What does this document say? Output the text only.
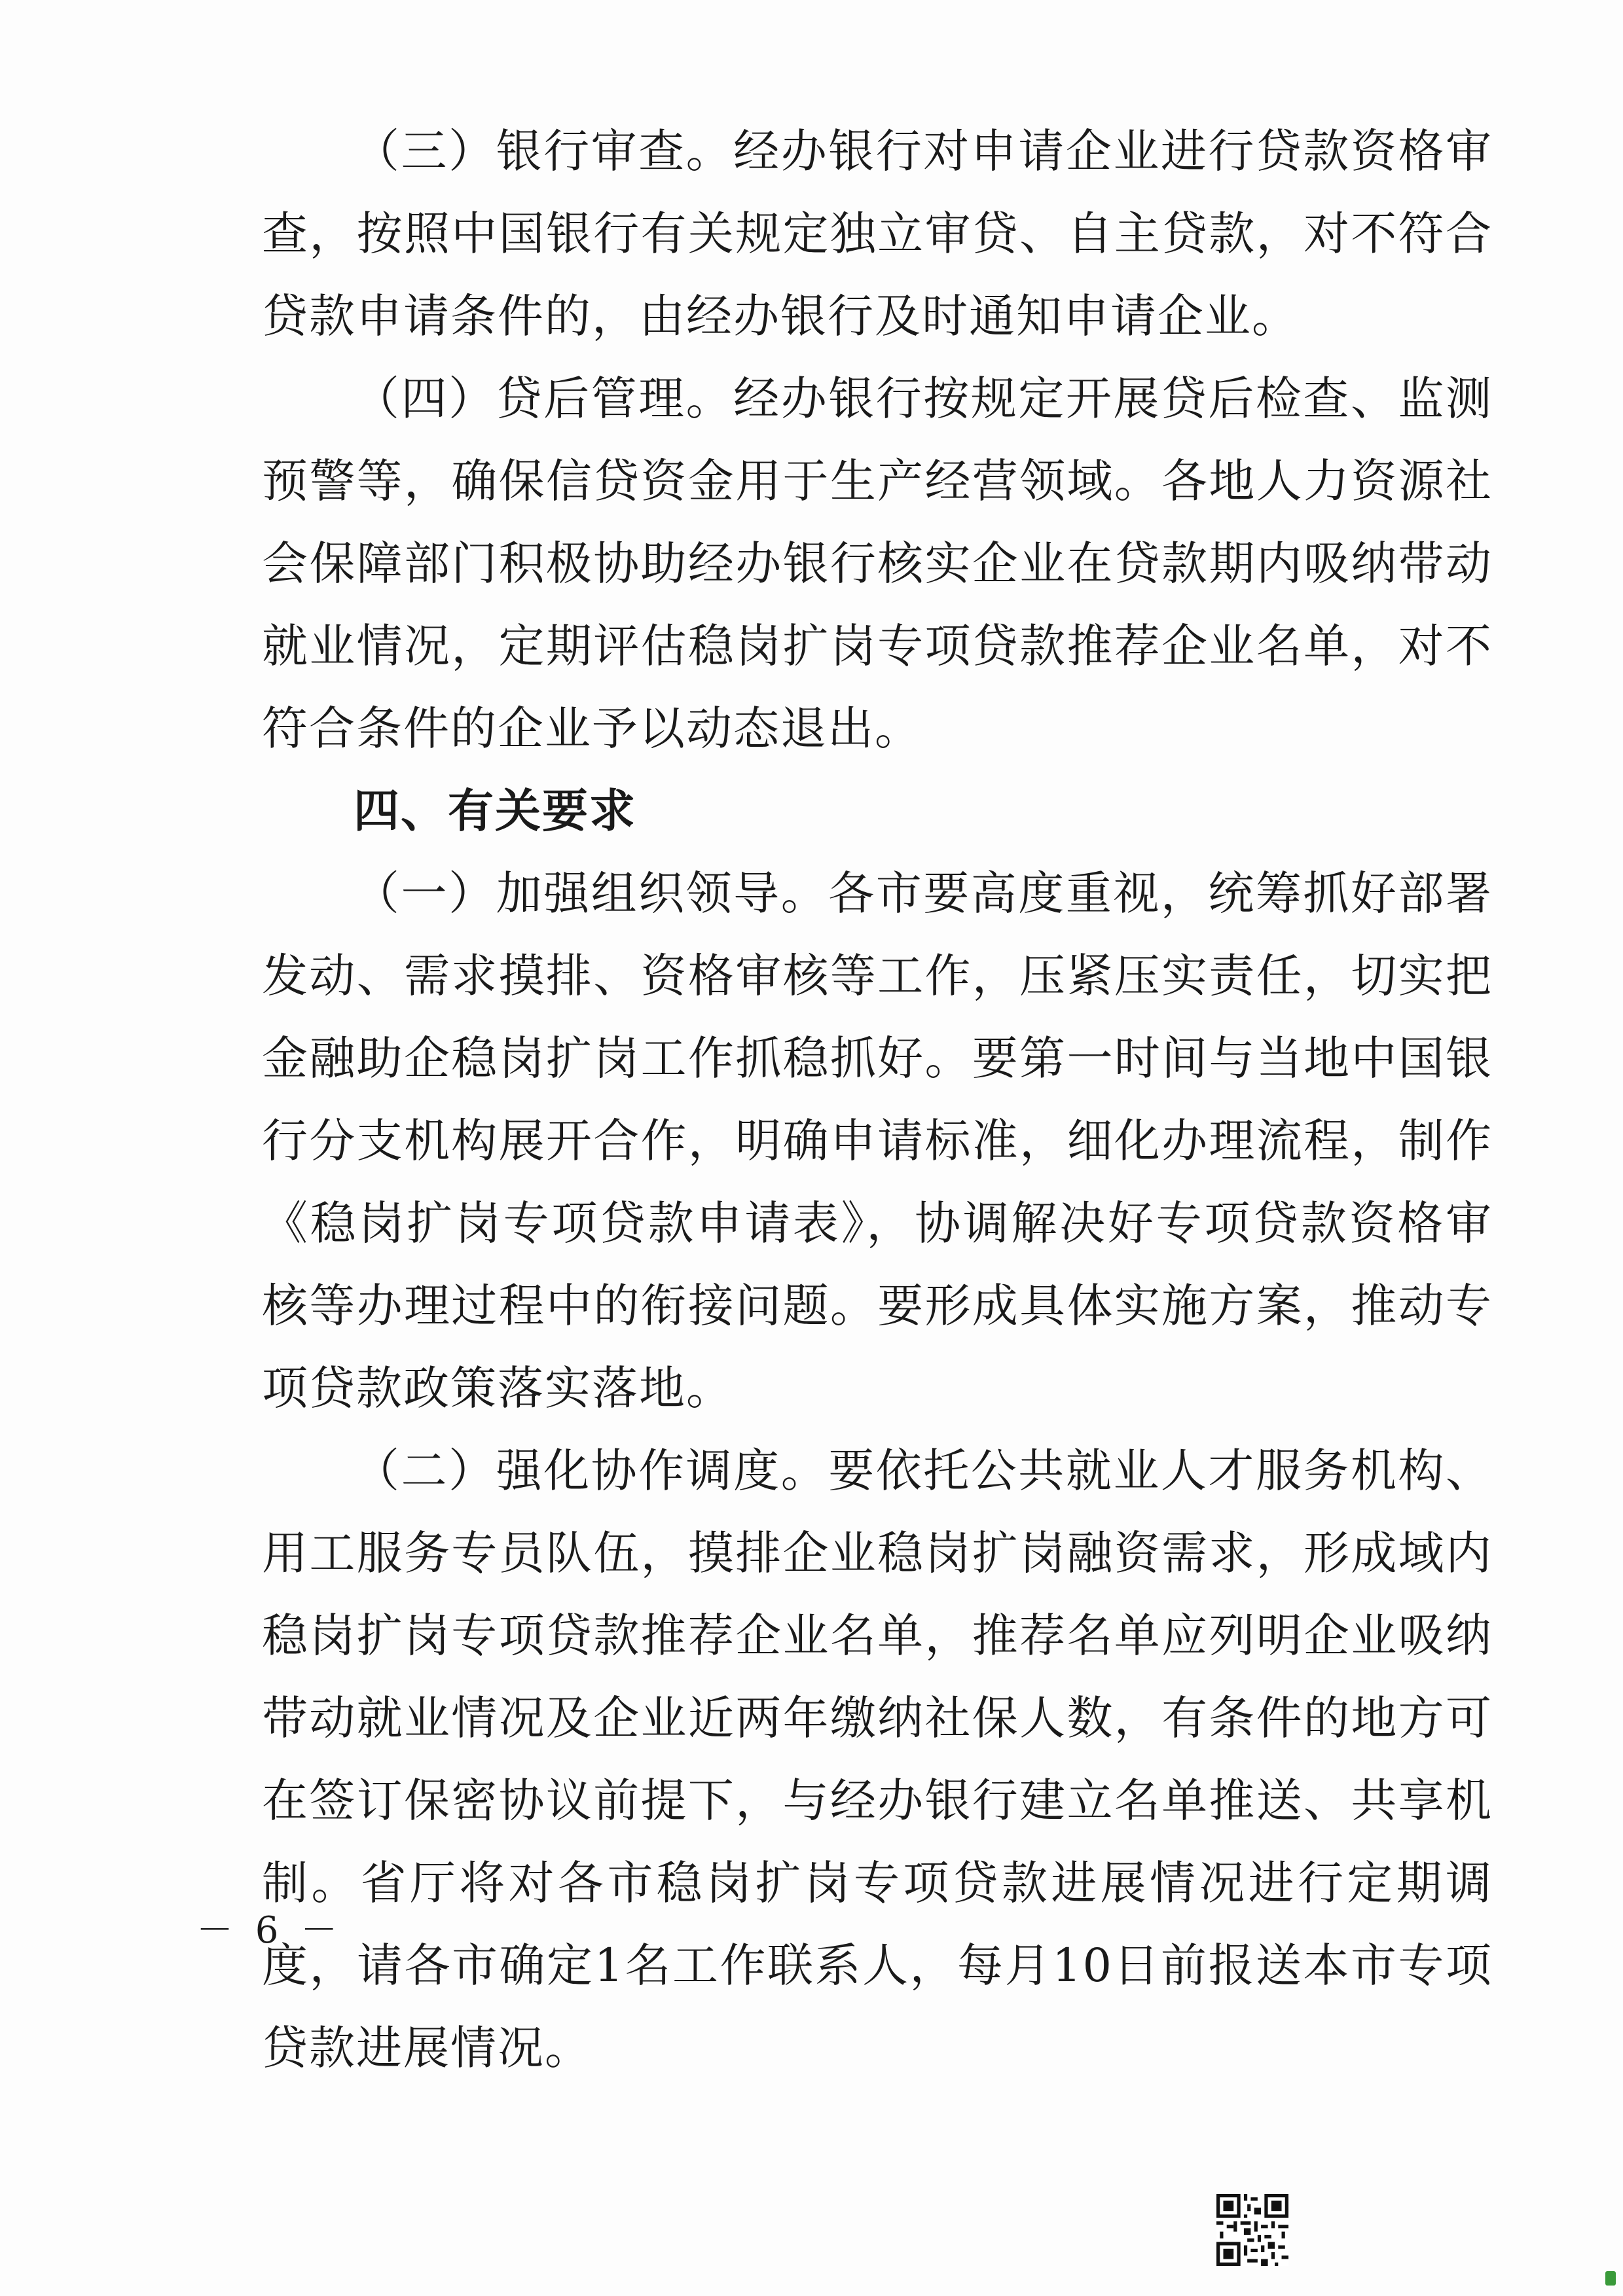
（三）银行审查。经办银行对申请企业进行贷款资格审查，按照中国银行有关规定独立审贷、自主贷款，对不符合贷款申请条件的，由经办银行及时通知申请企业。

（四）贷后管理。经办银行按规定开展贷后检查、监测预警等，确保信贷资金用于生产经营领域。各地人力资源社会保障部门积极协助经办银行核实企业在贷款期内吸纳带动就业情况，定期评估稳岗扩岗专项贷款推荐企业名单，对不符合条件的企业予以动态退出。

四、有关要求

（一）加强组织领导。各市要高度重视，统筹抓好部署发动、需求摸排、资格审核等工作，压紧压实责任，切实把金融助企稳岗扩岗工作抓稳抓好。要第一时间与当地中国银行分支机构展开合作，明确申请标准，细化办理流程，制作《稳岗扩岗专项贷款申请表》，协调解决好专项贷款资格审核等办理过程中的衔接问题。要形成具体实施方案，推动专项贷款政策落实落地。

（二）强化协作调度。要依托公共就业人才服务机构、用工服务专员队伍，摸排企业稳岗扩岗融资需求，形成域内稳岗扩岗专项贷款推荐企业名单，推荐名单应列明企业吸纳带动就业情况及企业近两年缴纳社保人数，有条件的地方可在签订保密协议前提下，与经办银行建立名单推送、共享机制。省厅将对各市稳岗扩岗专项贷款进展情况进行定期调度，请各市确定1名工作联系人，每月10日前报送本市专项贷款进展情况。

－ 6 －
